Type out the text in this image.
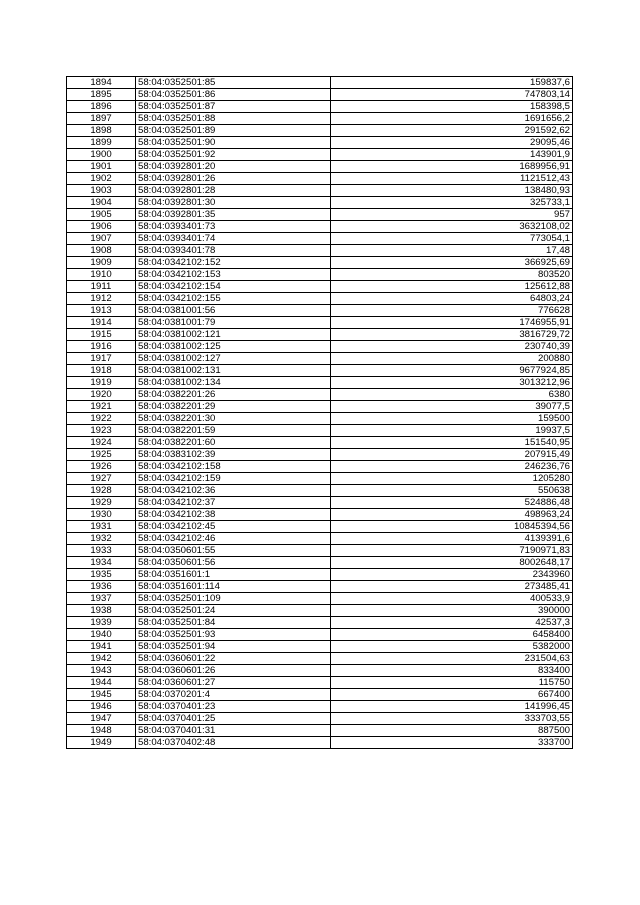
1894	58:04:0352501:85	159837,6
1895	58:04:0352501:86	747803,14
1896	58:04:0352501:87	158398,5
1897	58:04:0352501:88	1691656,2
1898	58:04:0352501:89	291592,62
1899	58:04:0352501:90	29095,46
1900	58:04:0352501:92	143901,9
1901	58:04:0392801:20	1689956,91
1902	58:04:0392801:26	1121512,43
1903	58:04:0392801:28	138480,93
1904	58:04:0392801:30	325733,1
1905	58:04:0392801:35	957
1906	58:04:0393401:73	3632108,02
1907	58:04:0393401:74	773054,1
1908	58:04:0393401:78	17,48
1909	58:04:0342102:152	366925,69
1910	58:04:0342102:153	803520
1911	58:04:0342102:154	125612,88
1912	58:04:0342102:155	64803,24
1913	58:04:0381001:56	776628
1914	58:04:0381001:79	1746955,91
1915	58:04:0381002:121	3816729,72
1916	58:04:0381002:125	230740,39
1917	58:04:0381002:127	200880
1918	58:04:0381002:131	9677924,85
1919	58:04:0381002:134	3013212,96
1920	58:04:0382201:26	6380
1921	58:04:0382201:29	39077,5
1922	58:04:0382201:30	159500
1923	58:04:0382201:59	19937,5
1924	58:04:0382201:60	151540,95
1925	58:04:0383102:39	207915,49
1926	58:04:0342102:158	246236,76
1927	58:04:0342102:159	1205280
1928	58:04:0342102:36	550638
1929	58:04:0342102:37	524886,48
1930	58:04:0342102:38	498963,24
1931	58:04:0342102:45	10845394,56
1932	58:04:0342102:46	4139391,6
1933	58:04:0350601:55	7190971,83
1934	58:04:0350601:56	8002648,17
1935	58:04:0351601:1	2343960
1936	58:04:0351601:114	273485,41
1937	58:04:0352501:109	400533,9
1938	58:04:0352501:24	390000
1939	58:04:0352501:84	42537,3
1940	58:04:0352501:93	6458400
1941	58:04:0352501:94	5382000
1942	58:04:0360601:22	231504,63
1943	58:04:0360601:26	833400
1944	58:04:0360601:27	115750
1945	58:04:0370201:4	667400
1946	58:04:0370401:23	141996,45
1947	58:04:0370401:25	333703,55
1948	58:04:0370401:31	887500
1949	58:04:0370402:48	333700
